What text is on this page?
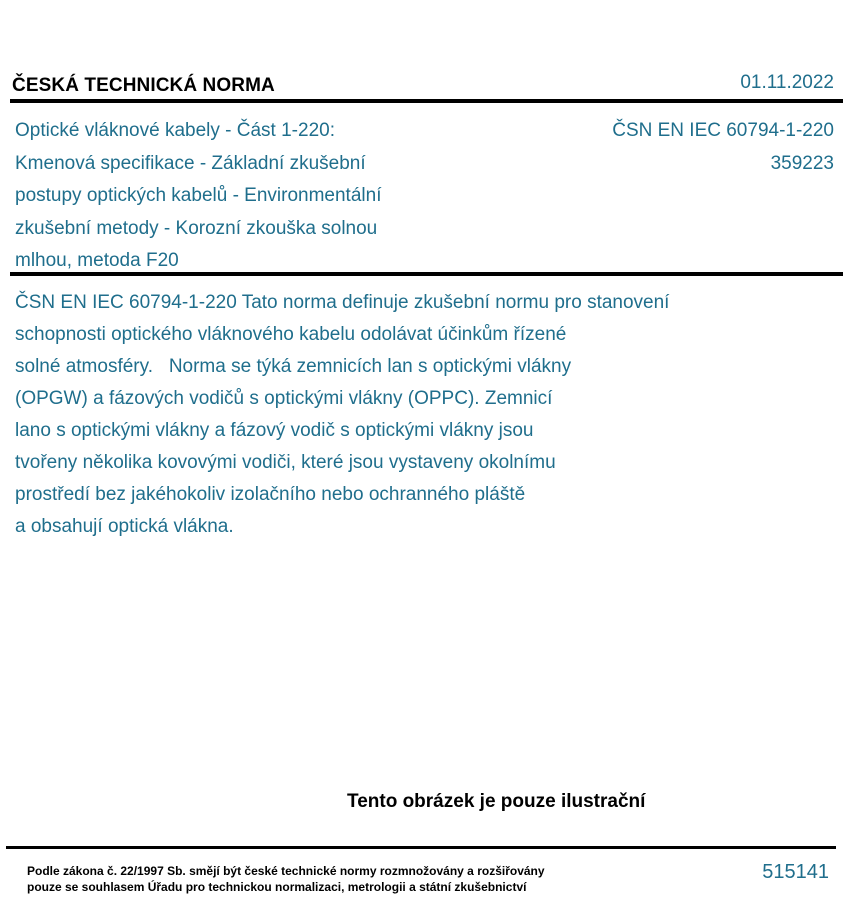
ČESKÁ TECHNICKÁ NORMA	01.11.2022
Optické vláknové kabely - Část 1-220:
Kmenová specifikace - Základní zkušební
postupy optických kabelů - Environmentální
zkušební metody - Korozní zkouška solnou
mlhou, metoda F20
ČSN EN IEC 60794-1-220
359223
ČSN EN IEC 60794-1-220 Tato norma definuje zkušební normu pro stanovení
schopnosti optického vláknového kabelu odolávat účinkům řízené
solné atmosféry.   Norma se týká zemnicích lan s optickými vlákny
(OPGW) a fázových vodičů s optickými vlákny (OPPC). Zemnicí
lano s optickými vlákny a fázový vodič s optickými vlákny jsou
tvořeny několika kovovými vodiči, které jsou vystaveny okolnímu
prostředí bez jakéhokoliv izolačního nebo ochranného pláště
a obsahují optická vlákna.
Tento obrázek je pouze ilustrační
Podle zákona č. 22/1997 Sb. smějí být české technické normy rozmnožovány a rozšiřovány
pouze se souhlasem Úřadu pro technickou normalizaci, metrologii a státní zkušebnictví
515141
